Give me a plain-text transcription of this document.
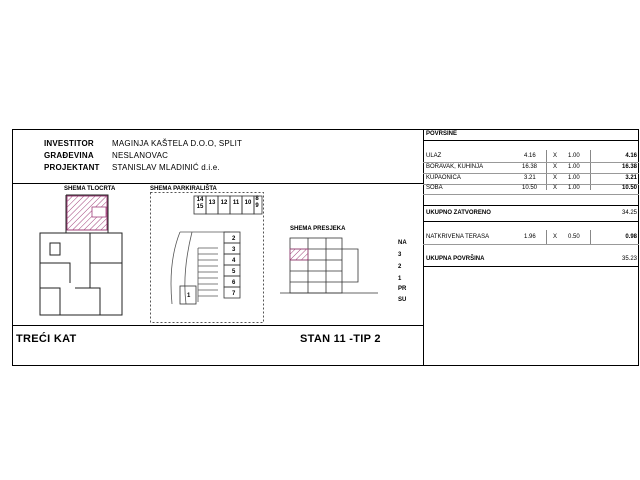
INVESTITOR MAGINJA KAŠTELA D.O.O, SPLIT
GRAĐEVINA NESLANOVAC
PROJEKTANT STANISLAV MLADINIĆ d.i.e.
SHEMA TLOCRTA	SHEMA PARKIRALIŠTA
SHEMA PRESJEKA
14
15
13 12 11 10
8
9
2
3
4
5
6
7
1
NA
3
2
1
PR
SU
TREĆI KAT	STAN 11 -TIP 2
POVRŠINE
ULAZ	4.16	X 1.00	4.16
BORAVAK, KUHINJA	16.38	X 1.00	16.38
KUPAONICA	3.21	X 1.00	3.21
SOBA	10.50	X 1.00	10.50
UKUPNO ZATVORENO	34.25
NATKRIVENA TERASA	1.96	X 0.50	0.98
UKUPNA POVRŠINA	35.23
